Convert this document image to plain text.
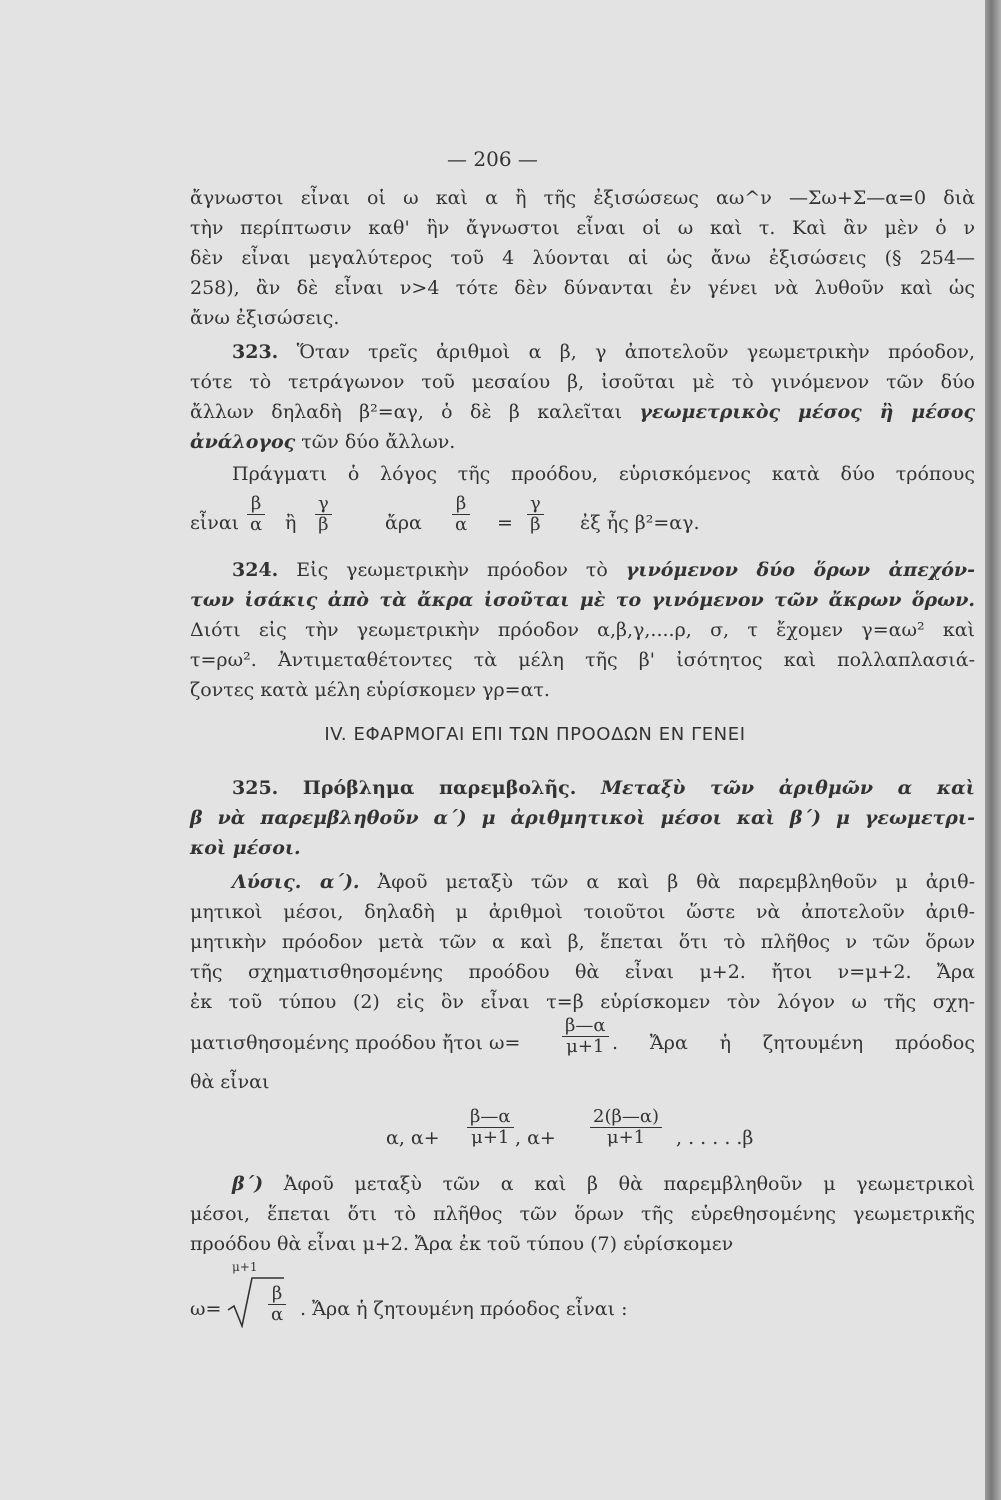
— 206 —
ἄγνωστοι εἶναι οἱ ω καὶ α ἢ τῆς ἐξισώσεως αω^ν —Σω+Σ—α=0 διὰ
τὴν περίπτωσιν καθ' ἣν ἄγνωστοι εἶναι οἱ ω καὶ τ. Καὶ ἂν μὲν ὁ ν
δὲν εἶναι μεγαλύτερος τοῦ 4 λύονται αἱ ὡς ἄνω ἐξισώσεις (§ 254—
258), ἂν δὲ εἶναι ν>4 τότε δὲν δύνανται ἐν γένει νὰ λυθοῦν καὶ ὡς
ἄνω ἐξισώσεις.
323. Ὅταν τρεῖς ἀριθμοὶ α β, γ ἀποτελοῦν γεωμετρικὴν πρόοδον,
τότε τὸ τετράγωνον τοῦ μεσαίου β, ἰσοῦται μὲ τὸ γινόμενον τῶν δύο
ἄλλων δηλαδὴ β²=αγ, ὁ δὲ β καλεῖται γεωμετρικὸς μέσος ἢ μέσος
ἀνάλογος τῶν δύο ἄλλων.
Πράγματι ὁ λόγος τῆς προόδου, εὑρισκόμενος κατὰ δύο τρόπους
εἶναι $\frac{\beta}{\alpha}$ ἢ $\frac{\gamma}{\beta}$	ἄρα $\frac{\beta}{\alpha} = \frac{\gamma}{\beta}$ ἐξ ἧς β²=αγ.
324. Εἰς γεωμετρικὴν πρόοδον τὸ γινόμενον δύο ὅρων ἀπεχόν-
των ἰσάκις ἀπὸ τὰ ἄκρα ἰσοῦται μὲ το γινόμενον τῶν ἄκρων ὅρων.
Διότι εἰς τὴν γεωμετρικὴν πρόοδον α,β,γ,....ρ, σ, τ ἔχομεν γ=αω² καὶ
τ=ρω². Ἀντιμεταθέτοντες τὰ μέλη τῆς β' ἰσότητος καὶ πολλαπλασιά-
ζοντες κατὰ μέλη εὑρίσκομεν γρ=ατ.
IV. ΕΦΑΡΜΟΓΑΙ ΕΠΙ ΤΩΝ ΠΡΟΟΔΩΝ ΕΝ ΓΕΝΕΙ
325. Πρόβλημα παρεμβολῆς. Μεταξὺ τῶν ἀριθμῶν α καὶ
β νὰ παρεμβληθοῦν α΄) μ ἀριθμητικοὶ μέσοι καὶ β΄) μ γεωμετρι-
κοὶ μέσοι.
Λύσις. α΄). Ἀφοῦ μεταξὺ τῶν α καὶ β θὰ παρεμβληθοῦν μ ἀριθ-
μητικοὶ μέσοι, δηλαδὴ μ ἀριθμοὶ τοιοῦτοι ὥστε νὰ ἀποτελοῦν ἀριθ-
μητικὴν πρόοδον μετὰ τῶν α καὶ β, ἕπεται ὅτι τὸ πλῆθος ν τῶν ὅρων
τῆς σχηματισθησομένης προόδου θὰ εἶναι μ+2. ἤτοι ν=μ+2. Ἄρα
ἐκ τοῦ τύπου (2) εἰς ὃν εἶναι τ=β εὑρίσκομεν τὸν λόγον ω τῆς σχη-
ματισθησομένης προόδου ἤτοι $\omega= \frac{\beta—\alpha}{\mu+1}$ . Ἄρα ἡ ζητουμένη πρόοδος
θὰ εἶναι
α, $\alpha+ \frac{\beta—\alpha}{\mu+1}$ , $\alpha+ \frac{2(\beta—\alpha)}{\mu+1}$ , . . . . .β
β΄) Ἀφοῦ μεταξὺ τῶν α καὶ β θὰ παρεμβληθοῦν μ γεωμετρικοὶ
μέσοι, ἕπεται ὅτι τὸ πλῆθος τῶν ὅρων τῆς εὑρεθησομένης γεωμετρικῆς
προόδου θὰ εἶναι μ+2. Ἄρα ἐκ τοῦ τύπου (7) εὑρίσκομεν
ω=
μ+1
$\frac{\beta}{\alpha}$ . Ἄρα ἡ ζητουμένη πρόοδος εἶναι :
